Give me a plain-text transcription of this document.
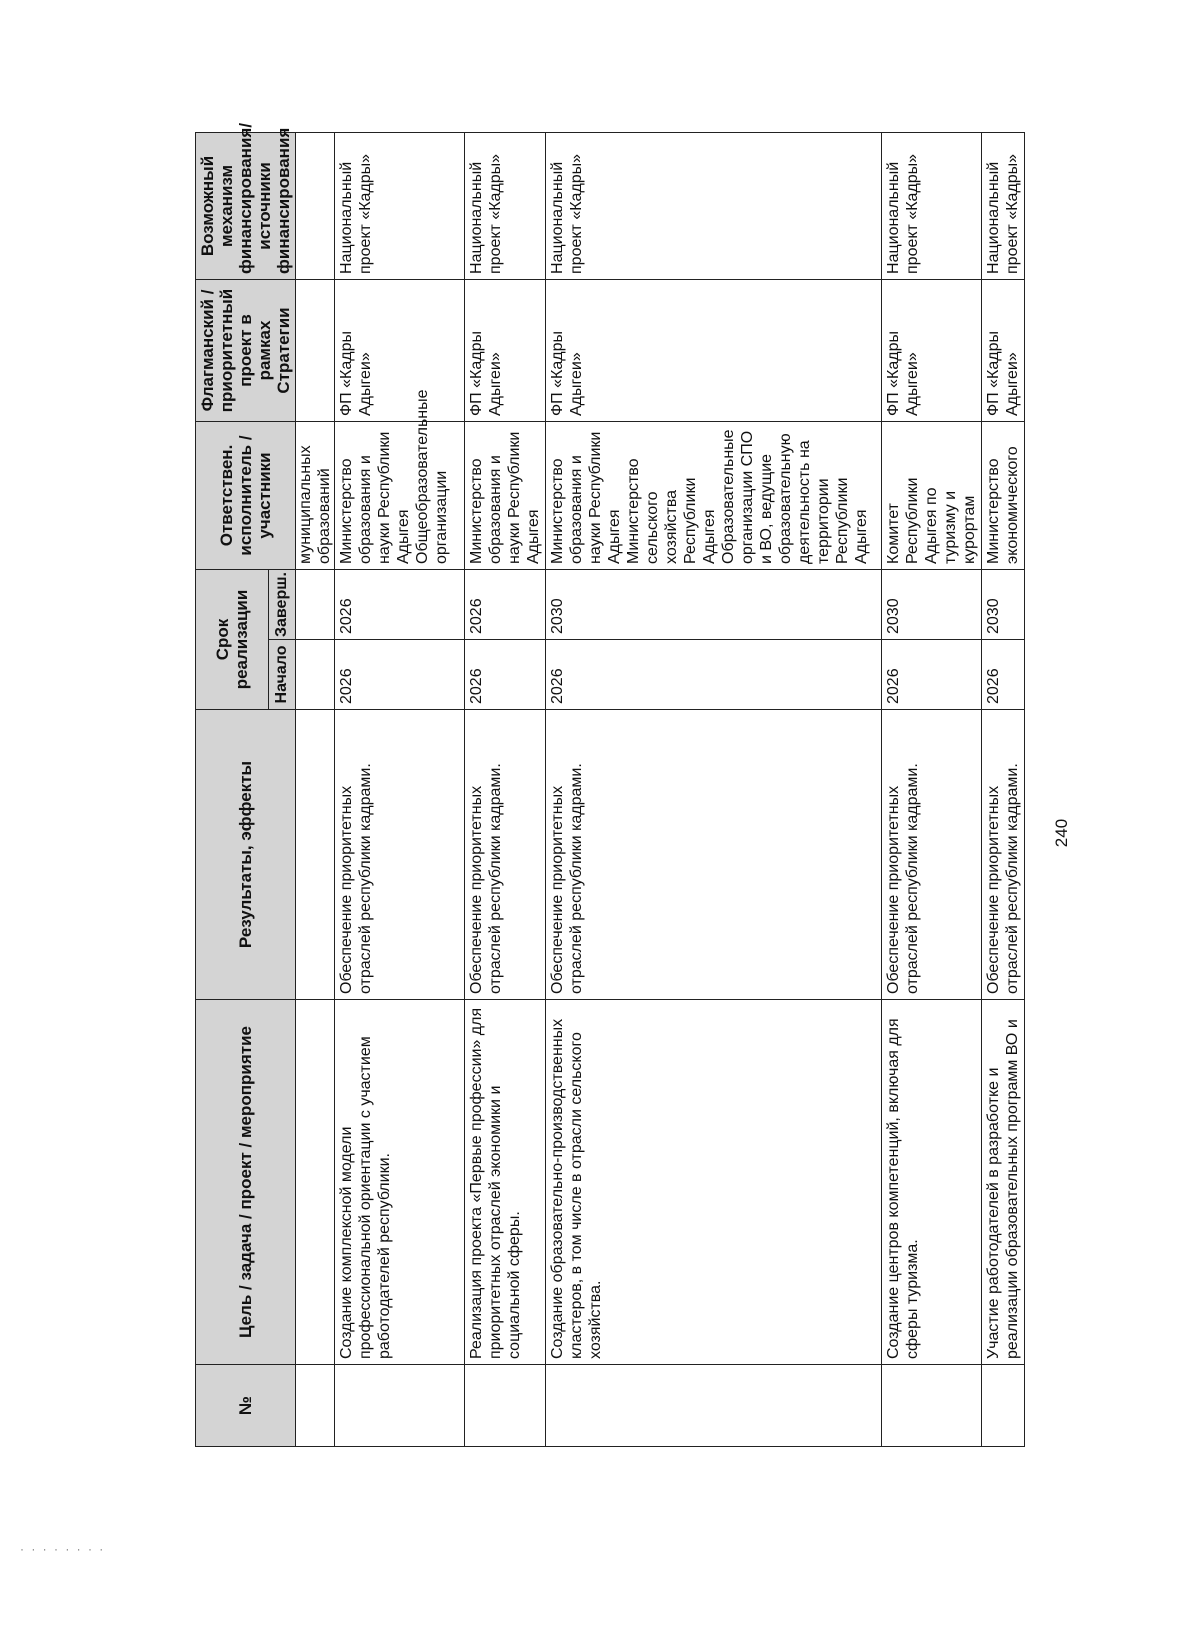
№	Цель / задача / проект / мероприятие	Результаты, эффекты	Срок реализации		Ответствен. исполнитель / участники	Флагманский / приоритетный проект в рамках Стратегии	Возможный механизм финансирования/ источники финансирования
			Начало	Заверш.			
					муниципальных образований		
	Создание комплексной модели профессиональной ориентации с участием работодателей республики.	Обеспечение приоритетных отраслей республики кадрами.	2026	2026	Министерство образования и науки Республики Адыгея Общеобразовательные организации	ФП «Кадры Адыгеи»	Национальный проект «Кадры»
	Реализация проекта «Первые профессии» для приоритетных отраслей экономики и социальной сферы.	Обеспечение приоритетных отраслей республики кадрами.	2026	2026	Министерство образования и науки Республики Адыгея	ФП «Кадры Адыгеи»	Национальный проект «Кадры»
	Создание образовательно-производственных кластеров, в том числе в отрасли сельского хозяйства.	Обеспечение приоритетных отраслей республики кадрами.	2026	2030	Министерство образования и науки Республики Адыгея Министерство сельского хозяйства Республики Адыгея Образовательные организации СПО и ВО, ведущие образовательную деятельность на территории Республики Адыгея	ФП «Кадры Адыгеи»	Национальный проект «Кадры»
	Создание центров компетенций, включая для сферы туризма.	Обеспечение приоритетных отраслей республики кадрами.	2026	2030	Комитет Республики Адыгея по туризму и курортам	ФП «Кадры Адыгеи»	Национальный проект «Кадры»
	Участие работодателей в разработке и реализации образовательных программ ВО и	Обеспечение приоритетных отраслей республики кадрами.	2026	2030	Министерство экономического	ФП «Кадры Адыгеи»	Национальный проект «Кадры»
240
· · · · · · · ·
